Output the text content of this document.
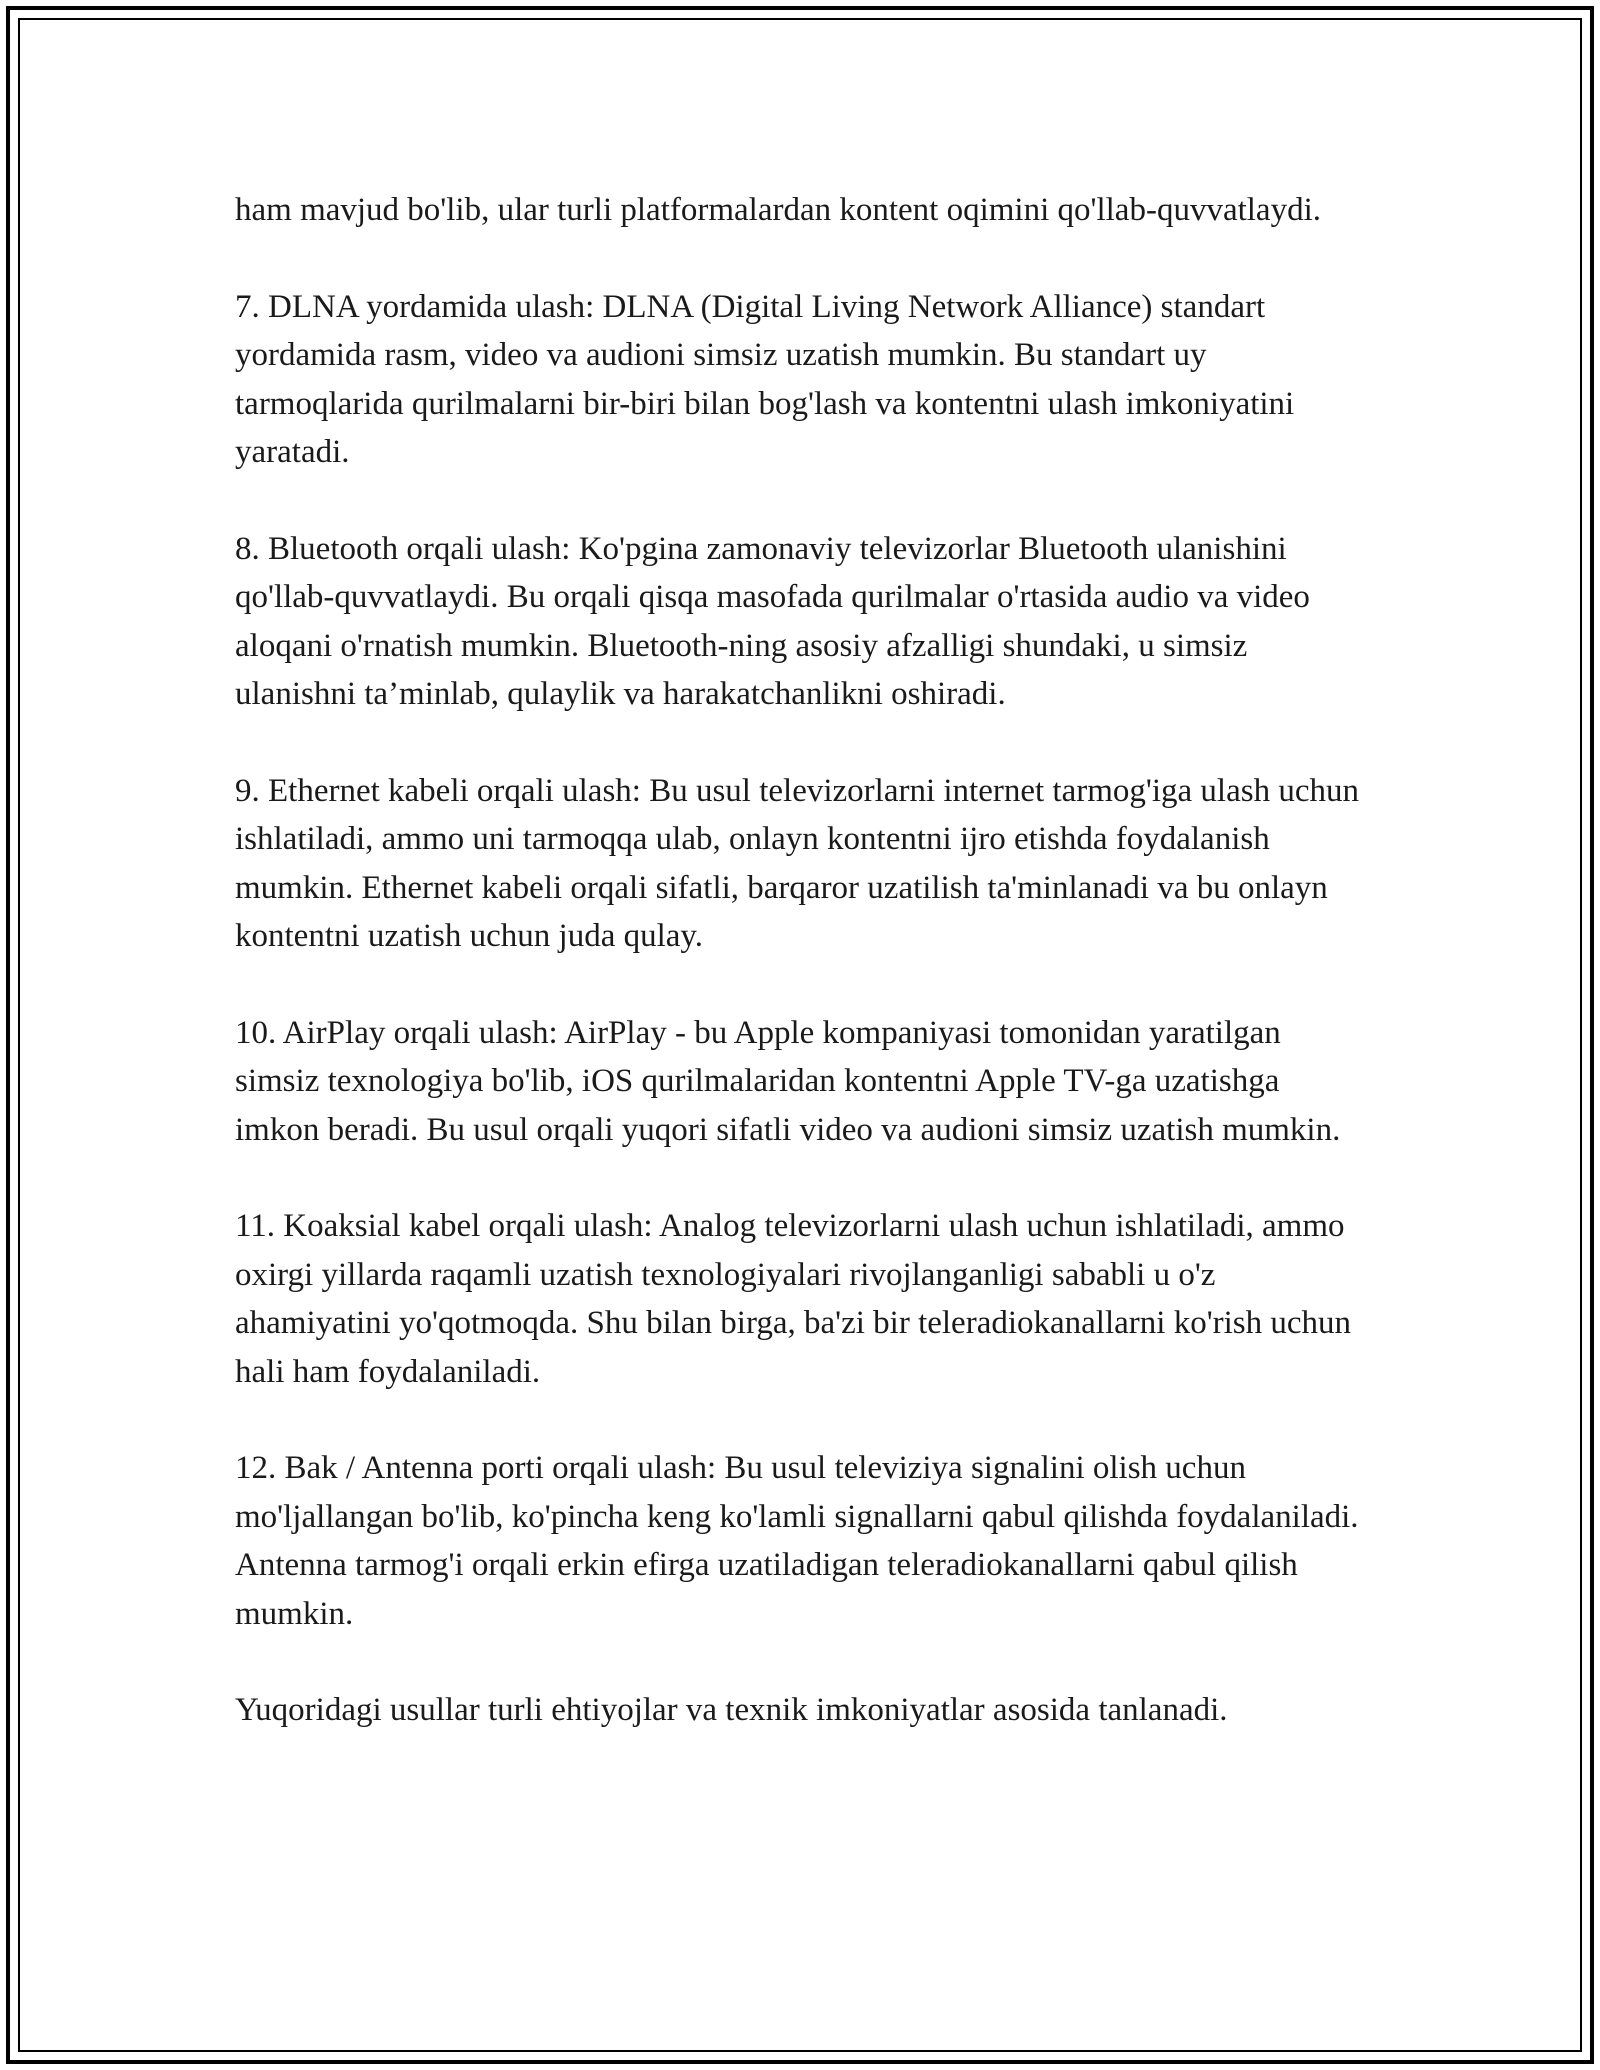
ham mavjud bo'lib, ular turli platformalardan kontent oqimini qo'llab-quvvatlaydi.

7. DLNA yordamida ulash: DLNA (Digital Living Network Alliance) standart yordamida rasm, video va audioni simsiz uzatish mumkin. Bu standart uy tarmoqlarida qurilmalarni bir-biri bilan bog'lash va kontentni ulash imkoniyatini yaratadi.

8. Bluetooth orqali ulash: Ko'pgina zamonaviy televizorlar Bluetooth ulanishini qo'llab-quvvatlaydi. Bu orqali qisqa masofada qurilmalar o'rtasida audio va video aloqani o'rnatish mumkin. Bluetooth-ning asosiy afzalligi shundaki, u simsiz ulanishni ta’minlab, qulaylik va harakatchanlikni oshiradi.

9. Ethernet kabeli orqali ulash: Bu usul televizorlarni internet tarmog'iga ulash uchun ishlatiladi, ammo uni tarmoqqa ulab, onlayn kontentni ijro etishda foydalanish mumkin. Ethernet kabeli orqali sifatli, barqaror uzatilish ta'minlanadi va bu onlayn kontentni uzatish uchun juda qulay.

10. AirPlay orqali ulash: AirPlay - bu Apple kompaniyasi tomonidan yaratilgan simsiz texnologiya bo'lib, iOS qurilmalaridan kontentni Apple TV-ga uzatishga imkon beradi. Bu usul orqali yuqori sifatli video va audioni simsiz uzatish mumkin.

11. Koaksial kabel orqali ulash: Analog televizorlarni ulash uchun ishlatiladi, ammo oxirgi yillarda raqamli uzatish texnologiyalari rivojlanganligi sababli u o'z ahamiyatini yo'qotmoqda. Shu bilan birga, ba'zi bir teleradiokanallarni ko'rish uchun hali ham foydalaniladi.

12. Bak / Antenna porti orqali ulash: Bu usul televiziya signalini olish uchun mo'ljallangan bo'lib, ko'pincha keng ko'lamli signallarni qabul qilishda foydalaniladi. Antenna tarmog'i orqali erkin efirga uzatiladigan teleradiokanallarni qabul qilish mumkin.

Yuqoridagi usullar turli ehtiyojlar va texnik imkoniyatlar asosida tanlanadi.
